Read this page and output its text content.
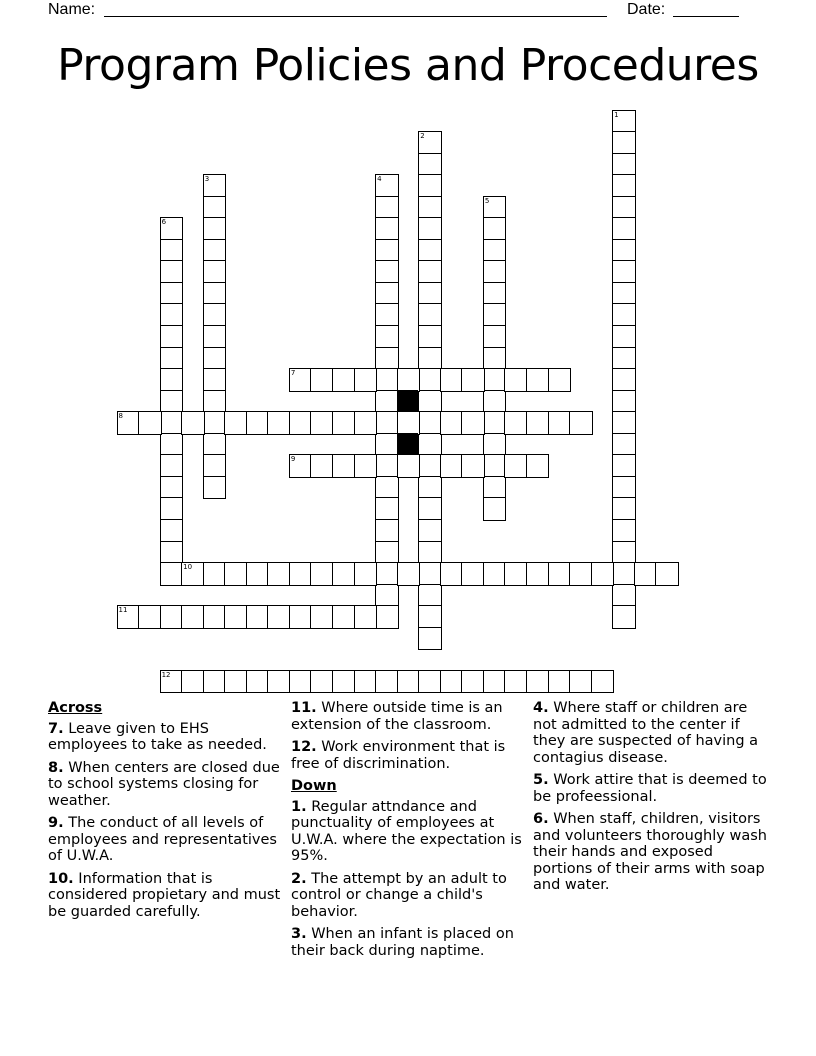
Name:	Date:
Program Policies and Procedures
1
2
3	4
5
6
7
8
9
10
11
12
Across
7. Leave given to EHS employees to take as needed.
8. When centers are closed due to school systems closing for weather.
9. The conduct of all levels of employees and representatives of U.W.A.
10. Information that is considered propietary and must be guarded carefully.
11. Where outside time is an extension of the classroom.
12. Work environment that is free of discrimination.
Down
1. Regular attndance and punctuality of employees at U.W.A. where the expectation is 95%.
2. The attempt by an adult to control or change a child's behavior.
3. When an infant is placed on their back during naptime.
4. Where staff or children are not admitted to the center if they are suspected of having a contagius disease.
5. Work attire that is deemed to be profeessional.
6. When staff, children, visitors and volunteers thoroughly wash their hands and exposed portions of their arms with soap and water.
